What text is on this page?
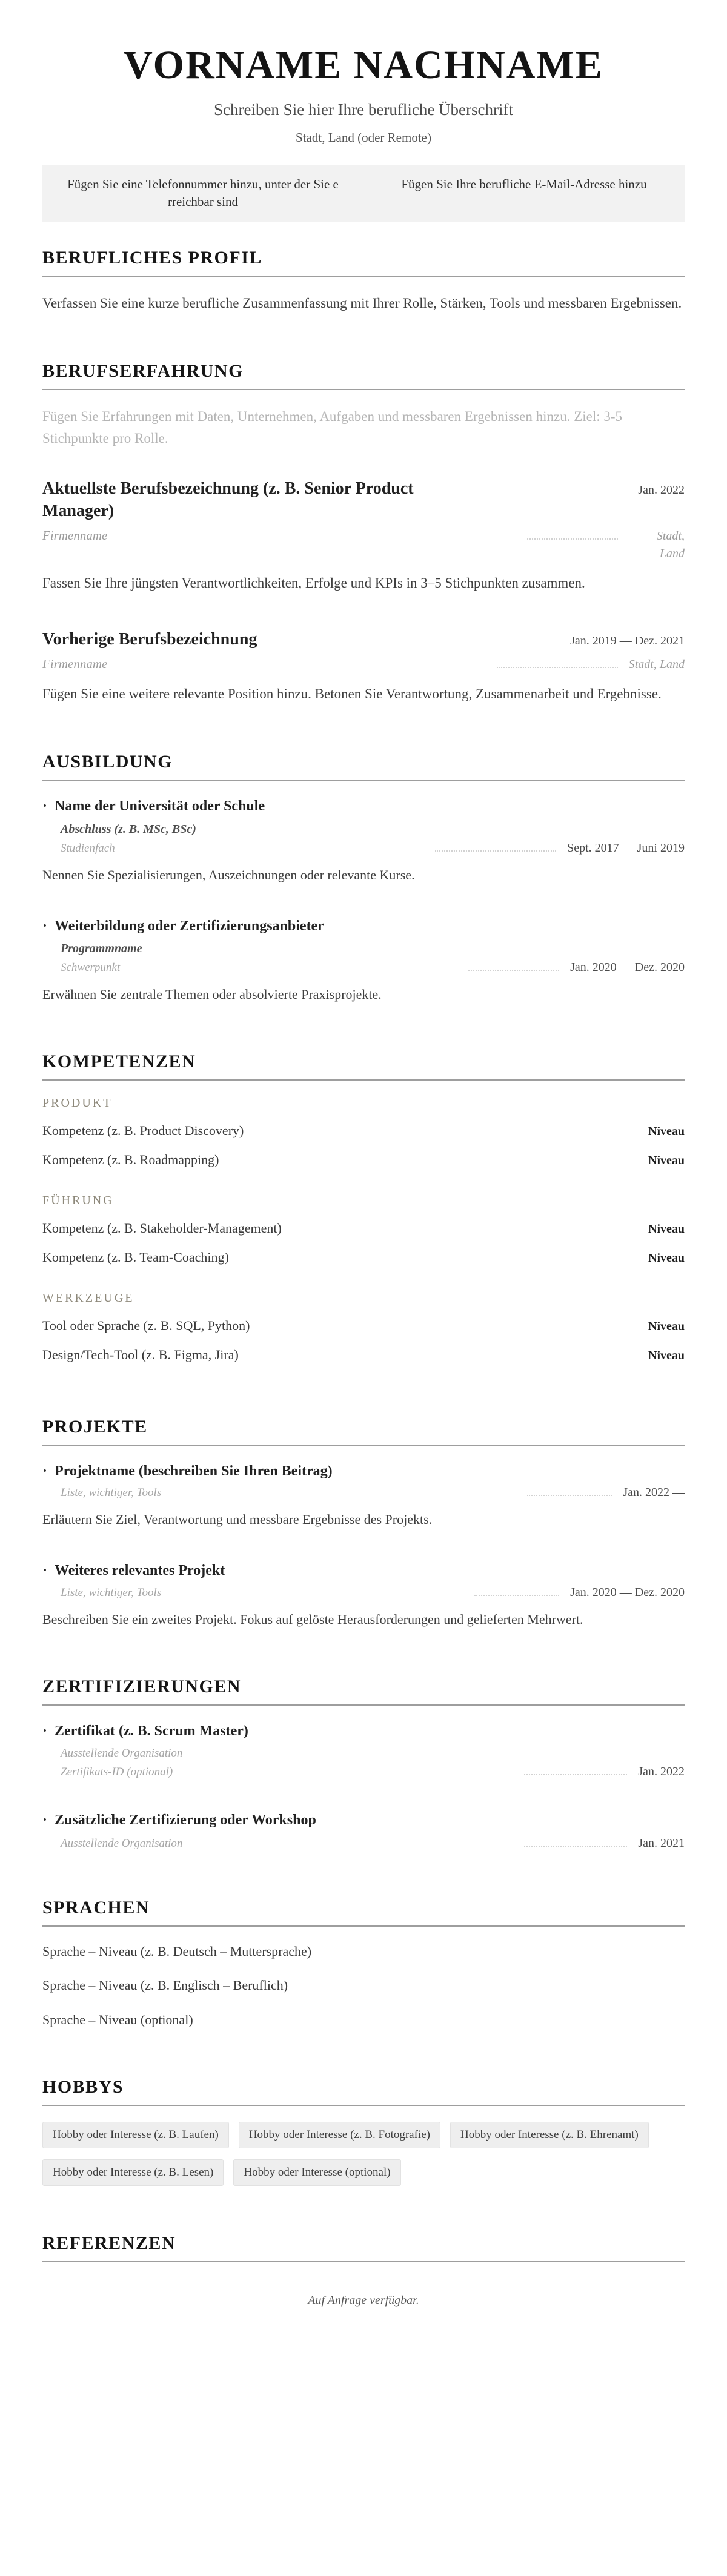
VORNAME NACHNAME
Schreiben Sie hier Ihre berufliche Überschrift
Stadt, Land (oder Remote)
Fügen Sie eine Telefonnummer hinzu, unter der Sie erreichbar sind
Fügen Sie Ihre berufliche E-Mail-Adresse hinzu
BERUFLICHES PROFIL

Verfassen Sie eine kurze berufliche Zusammenfassung mit Ihrer Rolle, Stärken, Tools und messbaren Ergebnissen.

BERUFSERFAHRUNG

Fügen Sie Erfahrungen mit Daten, Unternehmen, Aufgaben und messbaren Ergebnissen hinzu. Ziel: 3-5 Stichpunkte pro Rolle.

Aktuellste Berufsbezeichnung (z. B. Senior Product Manager)
Jan. 2022 —
Firmenname	Stadt, Land

Fassen Sie Ihre jüngsten Verantwortlichkeiten, Erfolge und KPIs in 3–5 Stichpunkten zusammen.

Vorherige Berufsbezeichnung	Jan. 2019 — Dez. 2021
Firmenname	Stadt, Land

Fügen Sie eine weitere relevante Position hinzu. Betonen Sie Verantwortung, Zusammenarbeit und Ergebnisse.

AUSBILDUNG
· Name der Universität oder Schule
Abschluss (z. B. MSc, BSc)
Studienfach	Sept. 2017 — Juni 2019

Nennen Sie Spezialisierungen, Auszeichnungen oder relevante Kurse.

· Weiterbildung oder Zertifizierungsanbieter
Programmname
Schwerpunkt	Jan. 2020 — Dez. 2020

Erwähnen Sie zentrale Themen oder absolvierte Praxisprojekte.

KOMPETENZEN
PRODUKT
Kompetenz (z. B. Product Discovery)	Niveau
Kompetenz (z. B. Roadmapping)	Niveau
FÜHRUNG
Kompetenz (z. B. Stakeholder-Management)	Niveau
Kompetenz (z. B. Team-Coaching)	Niveau
WERKZEUGE
Tool oder Sprache (z. B. SQL, Python)	Niveau
Design/Tech-Tool (z. B. Figma, Jira)	Niveau
PROJEKTE
· Projektname (beschreiben Sie Ihren Beitrag)
Liste, wichtiger, Tools	Jan. 2022 —

Erläutern Sie Ziel, Verantwortung und messbare Ergebnisse des Projekts.

· Weiteres relevantes Projekt
Liste, wichtiger, Tools	Jan. 2020 — Dez. 2020

Beschreiben Sie ein zweites Projekt. Fokus auf gelöste Herausforderungen und gelieferten Mehrwert.

ZERTIFIZIERUNGEN
· Zertifikat (z. B. Scrum Master)
Ausstellende Organisation
Zertifikats-ID (optional)	Jan. 2022
· Zusätzliche Zertifizierung oder Workshop
Ausstellende Organisation	Jan. 2021
SPRACHEN
Sprache – Niveau (z. B. Deutsch – Muttersprache)
Sprache – Niveau (z. B. Englisch – Beruflich)
Sprache – Niveau (optional)
HOBBYS
Hobby oder Interesse (z. B. Laufen)	Hobby oder Interesse (z. B. Fotografie)	Hobby oder Interesse (z. B. Ehrenamt)
Hobby oder Interesse (z. B. Lesen)	Hobby oder Interesse (optional)
REFERENZEN

Auf Anfrage verfügbar.
